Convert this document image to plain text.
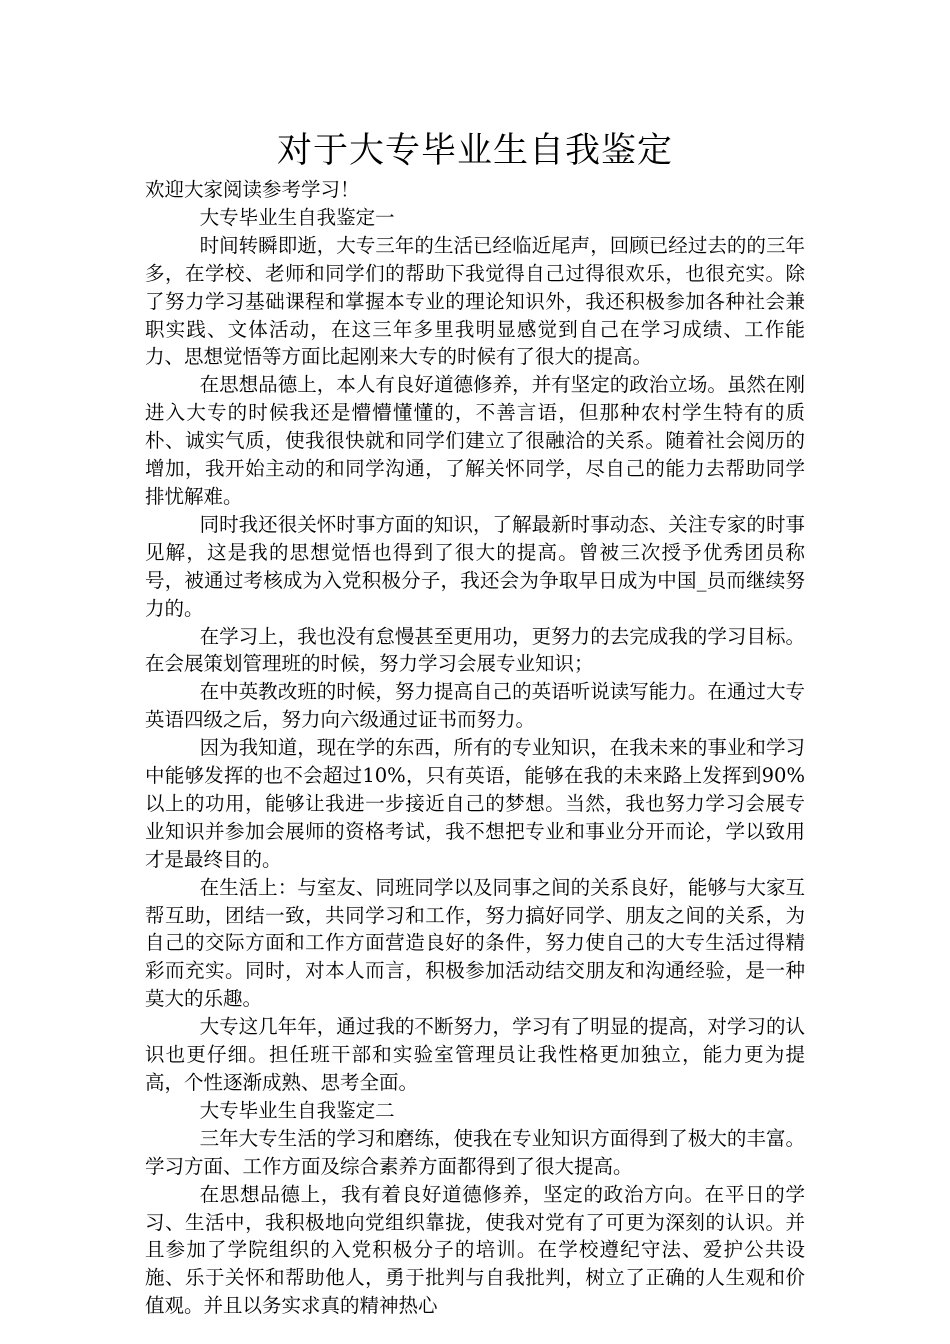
对于大专毕业生自我鉴定

欢迎大家阅读参考学习！

大专毕业生自我鉴定一

时间转瞬即逝，大专三年的生活已经临近尾声，回顾已经过去的的三年多，在学校、老师和同学们的帮助下我觉得自己过得很欢乐，也很充实。除了努力学习基础课程和掌握本专业的理论知识外，我还积极参加各种社会兼职实践、文体活动，在这三年多里我明显感觉到自己在学习成绩、工作能力、思想觉悟等方面比起刚来大专的时候有了很大的提高。

在思想品德上，本人有良好道德修养，并有坚定的政治立场。虽然在刚进入大专的时候我还是懵懵懂懂的，不善言语，但那种农村学生特有的质朴、诚实气质，使我很快就和同学们建立了很融洽的关系。随着社会阅历的增加，我开始主动的和同学沟通，了解关怀同学，尽自己的能力去帮助同学排忧解难。

同时我还很关怀时事方面的知识，了解最新时事动态、关注专家的时事见解，这是我的思想觉悟也得到了很大的提高。曾被三次授予优秀团员称号，被通过考核成为入党积极分子，我还会为争取早日成为中国_员而继续努力的。

在学习上，我也没有怠慢甚至更用功，更努力的去完成我的学习目标。在会展策划管理班的时候，努力学习会展专业知识；

在中英教改班的时候，努力提高自己的英语听说读写能力。在通过大专英语四级之后，努力向六级通过证书而努力。

因为我知道，现在学的东西，所有的专业知识，在我未来的事业和学习中能够发挥的也不会超过10%，只有英语，能够在我的未来路上发挥到90%以上的功用，能够让我进一步接近自己的梦想。当然，我也努力学习会展专业知识并参加会展师的资格考试，我不想把专业和事业分开而论，学以致用才是最终目的。

在生活上：与室友、同班同学以及同事之间的关系良好，能够与大家互帮互助，团结一致，共同学习和工作，努力搞好同学、朋友之间的关系，为自己的交际方面和工作方面营造良好的条件，努力使自己的大专生活过得精彩而充实。同时，对本人而言，积极参加活动结交朋友和沟通经验，是一种莫大的乐趣。

大专这几年年，通过我的不断努力，学习有了明显的提高，对学习的认识也更仔细。担任班干部和实验室管理员让我性格更加独立，能力更为提高，个性逐渐成熟、思考全面。

大专毕业生自我鉴定二

三年大专生活的学习和磨练，使我在专业知识方面得到了极大的丰富。学习方面、工作方面及综合素养方面都得到了很大提高。

在思想品德上，我有着良好道德修养，坚定的政治方向。在平日的学习、生活中，我积极地向党组织靠拢，使我对党有了可更为深刻的认识。并且参加了学院组织的入党积极分子的培训。在学校遵纪守法、爱护公共设施、乐于关怀和帮助他人，勇于批判与自我批判，树立了正确的人生观和价值观。并且以务实求真的精神热心
